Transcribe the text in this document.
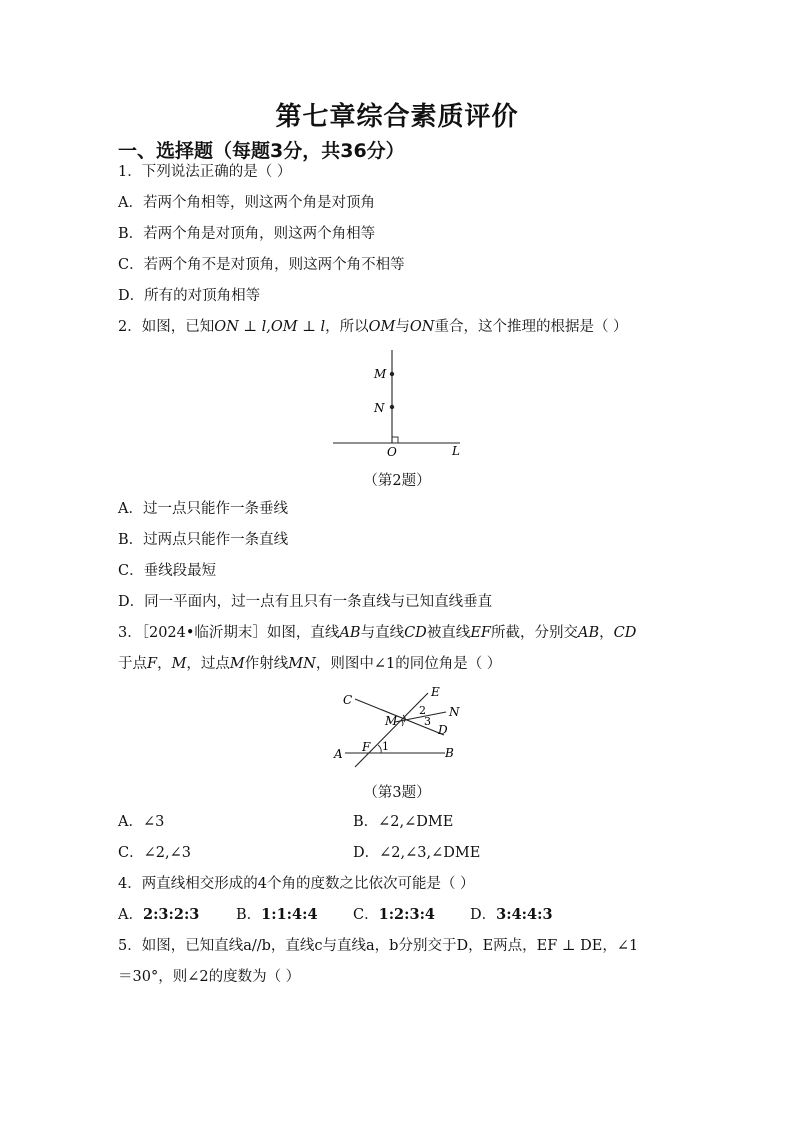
第七章综合素质评价
一、选择题（每题3分，共36分）
1．下列说法正确的是（ ）
A．若两个角相等，则这两个角是对顶角
B．若两个角是对顶角，则这两个角相等
C．若两个角不是对顶角，则这两个角不相等
D．所有的对顶角相等
2．如图，已知ON ⊥ l,OM ⊥ l，所以OM与ON重合，这个推理的根据是（ ）
M
N
O	L
（第2题）
A．过一点只能作一条垂线
B．过两点只能作一条直线
C．垂线段最短
D．同一平面内，过一点有且只有一条直线与已知直线垂直
3．［2024•临沂期末］如图，直线AB与直线CD被直线EF所截，分别交AB，CD
于点F，M，过点M作射线MN，则图中∠1的同位角是（ ）
C
E
N
M
D
A F	B
1
2
3
（第3题）
A．∠3	B．∠2,∠DME
C．∠2,∠3	D．∠2,∠3,∠DME
4．两直线相交形成的4个角的度数之比依次可能是（ ）
A．2:3:2:3	B．1:1:4:4 C．1:2:3:4 D．3:4:4:3
5．如图，已知直线a//b，直线c与直线a，b分别交于D，E两点，EF ⊥ DE，∠1
＝30°，则∠2的度数为（ ）
